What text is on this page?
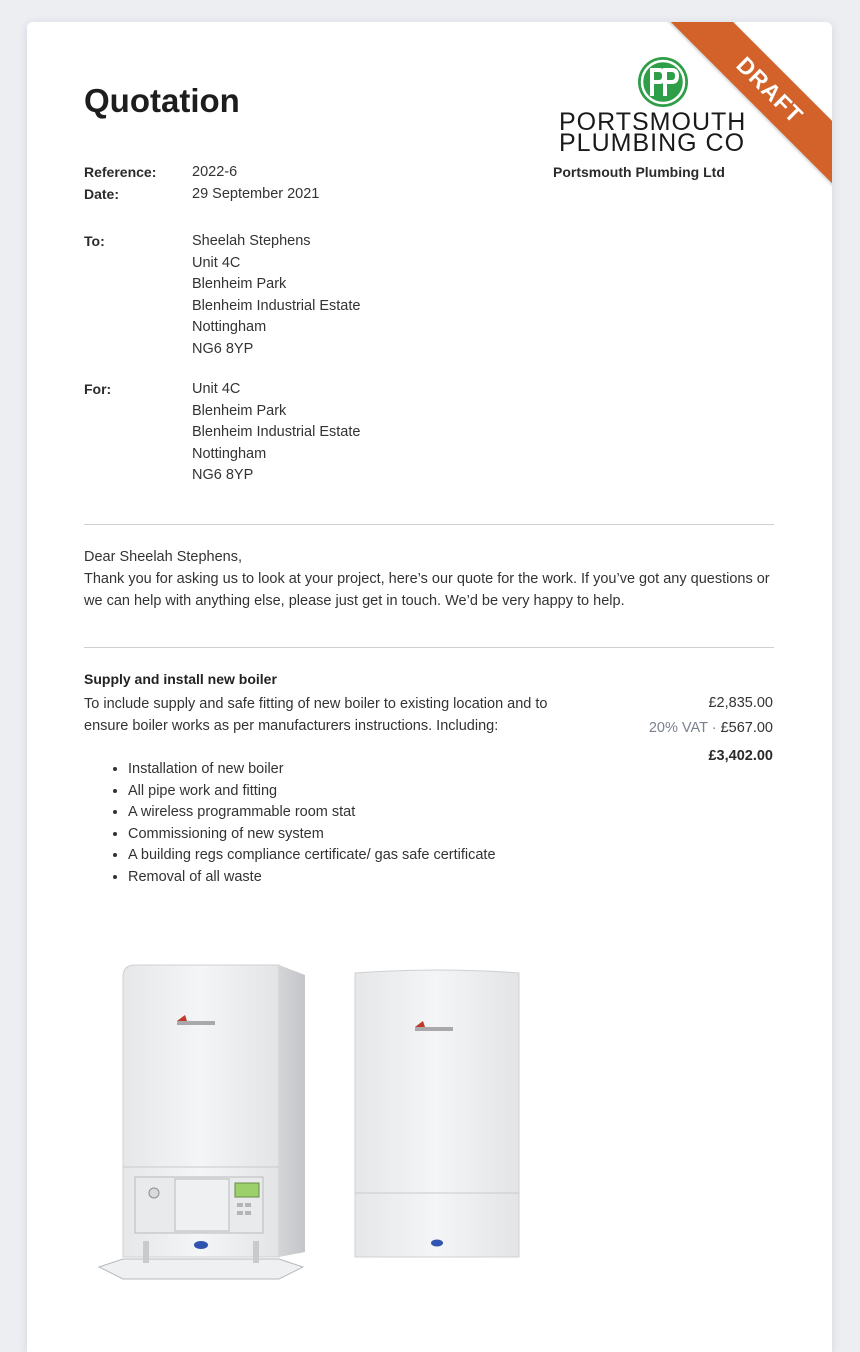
Quotation
PORTSMOUTH
PLUMBING CO
Portsmouth Plumbing Ltd
Reference: 2022-6
Date:	29 September 2021
To:	Sheelah Stephens
Unit 4C
Blenheim Park
Blenheim Industrial Estate
Nottingham
NG6 8YP
For:	Unit 4C
Blenheim Park
Blenheim Industrial Estate
Nottingham
NG6 8YP
Dear Sheelah Stephens,
Thank you for asking us to look at your project, here’s our quote for the work. If you’ve got any questions or we can help with anything else, please just get in touch. We’d be very happy to help.
Supply and install new boiler
To include supply and safe fitting of new boiler to existing location and to ensure boiler works as per manufacturers instructions. Including:
£2,835.00
20% VAT · £567.00
£3,402.00
• Installation of new boiler
• All pipe work and fitting
• A wireless programmable room stat
• Commissioning of new system
• A building regs compliance certificate/ gas safe certificate
• Removal of all waste
DRAFT
